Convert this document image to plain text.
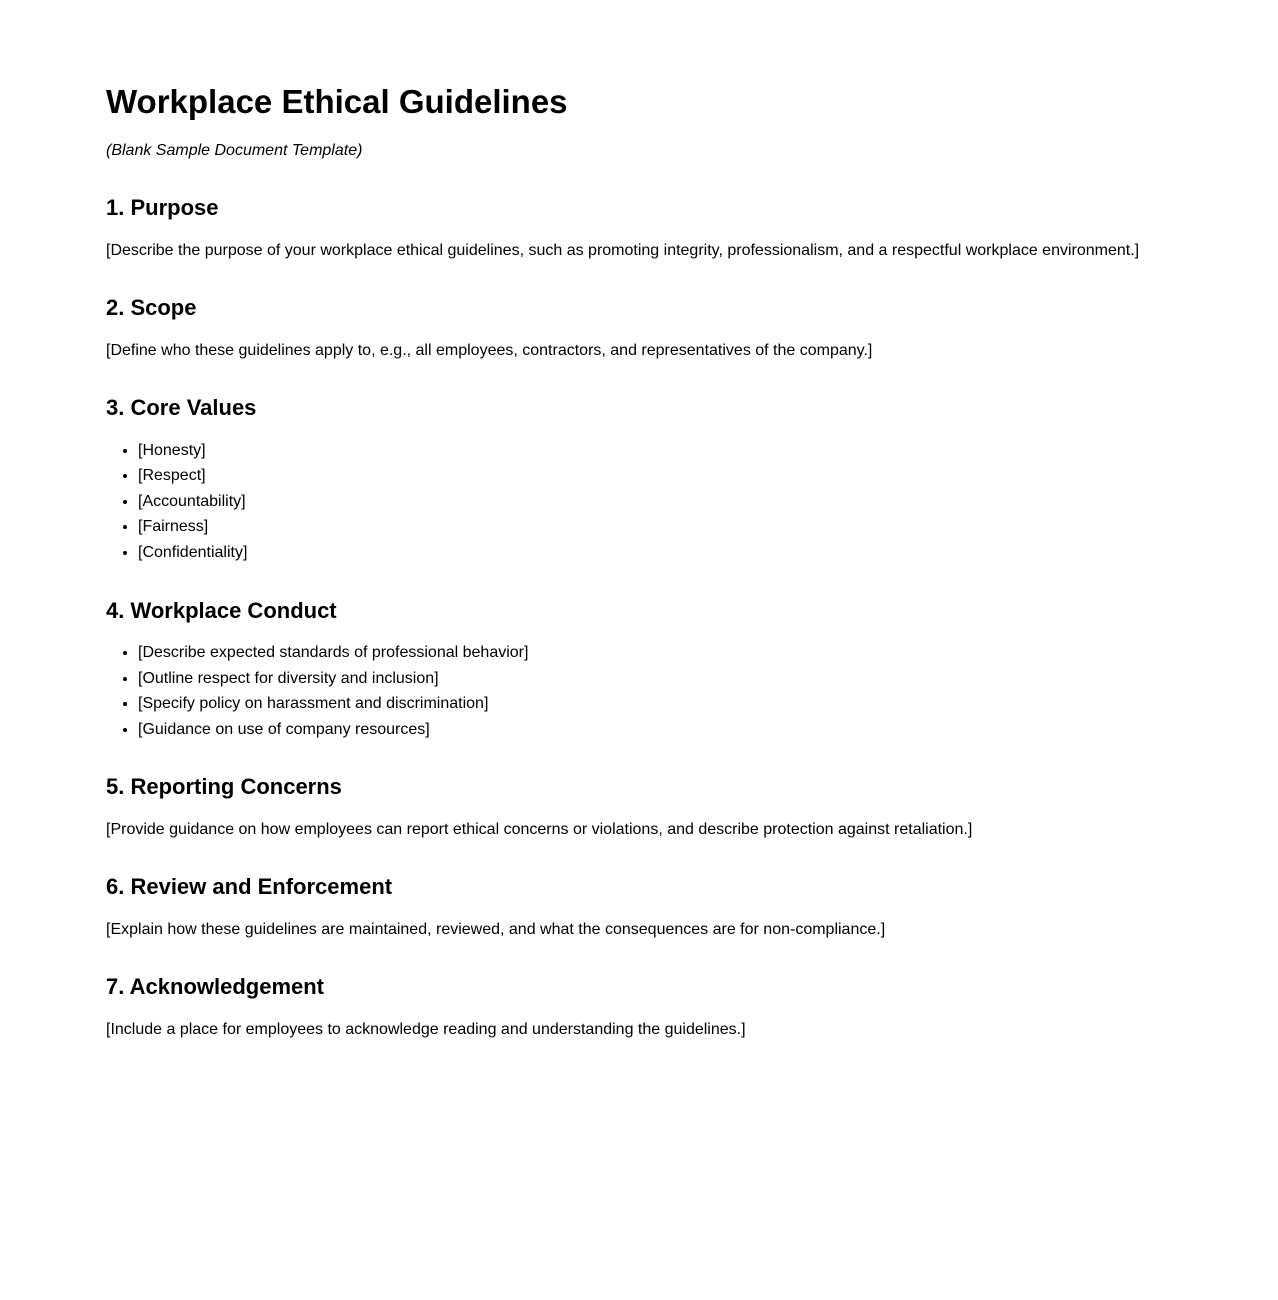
Workplace Ethical Guidelines

(Blank Sample Document Template)

1. Purpose

[Describe the purpose of your workplace ethical guidelines, such as promoting integrity, professionalism, and a respectful workplace environment.]

2. Scope

[Define who these guidelines apply to, e.g., all employees, contractors, and representatives of the company.]

3. Core Values
• [Honesty]
• [Respect]
• [Accountability]
• [Fairness]
• [Confidentiality]
4. Workplace Conduct
• [Describe expected standards of professional behavior]
• [Outline respect for diversity and inclusion]
• [Specify policy on harassment and discrimination]
• [Guidance on use of company resources]
5. Reporting Concerns

[Provide guidance on how employees can report ethical concerns or violations, and describe protection against retaliation.]

6. Review and Enforcement

[Explain how these guidelines are maintained, reviewed, and what the consequences are for non-compliance.]

7. Acknowledgement

[Include a place for employees to acknowledge reading and understanding the guidelines.]
